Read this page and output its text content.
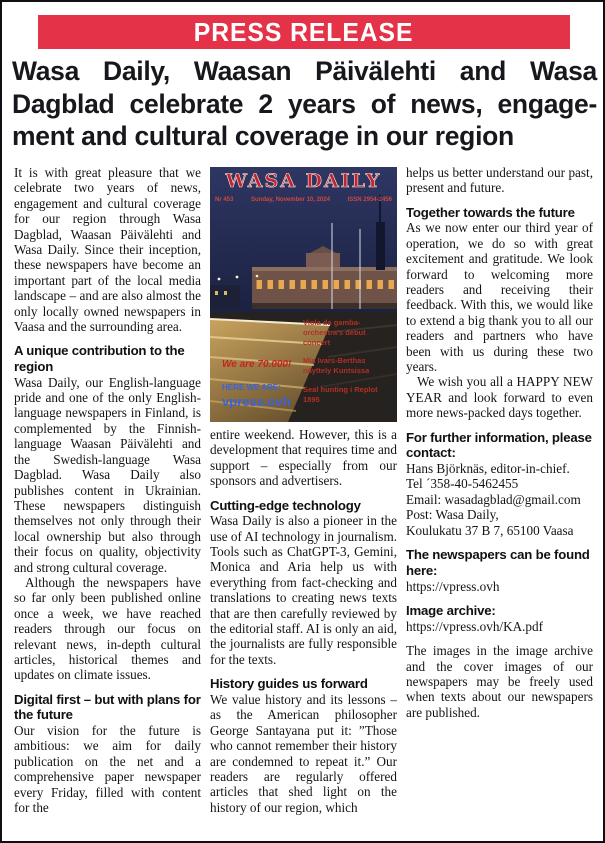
PRESS RELEASE
Wasa Daily, Waasan Päivälehti and Wasa
Dagblad celebrate 2 years of news, engage-
ment and cultural coverage in our region

It is with great pleasure that we celebrate two years of news, engagement and cultural coverage for our region through Wasa Dagblad, Waasan Päivälehti and Wasa Daily. Since their inception, these newspapers have become an important part of the local media landscape – and are also almost the only locally owned newspapers in Vaasa and the surrounding area.

A unique contribution to the region

Wasa Daily, our English-language pride and one of the only English-language newspapers in Finland, is complemented by the Finnish-language Waasan Päivälehti and the Swedish-language Wasa Dagblad. Wasa Daily also publishes content in Ukrainian. These newspapers distinguish themselves not only through their local ownership but also through their focus on quality, objectivity and strong cultural coverage.

Although the newspapers have so far only been published online once a week, we have reached readers through our focus on relevant news, in-depth cultural articles, historical themes and updates on climate issues.

Digital first – but with plans for the future

Our vision for the future is ambitious: we aim for daily publication on the net and a comprehensive paper newspaper every Friday, filled with content for the

WASA DAILY
Nr 453	Sunday, November 10, 2024	ISSN 2954-2456
Viola da gamba-orchestra's debut concert
Mia Ivars-Berthas näyttely Kuntsissa
Seal hunting i Replot 1895
We are 70.000!
HERE WE ARE:
vpress.ovh

entire weekend. However, this is a development that requires time and support – especially from our sponsors and advertisers.

Cutting-edge technology

Wasa Daily is also a pioneer in the use of AI technology in journalism. Tools such as ChatGPT-3, Gemini, Monica and Aria help us with everything from fact-checking and translations to creating news texts that are then carefully reviewed by the editorial staff. AI is only an aid, the journalists are fully responsible for the texts.

History guides us forward

We value history and its lessons – as the American philosopher George Santayana put it: ”Those who cannot remember their history are condemned to repeat it.” Our readers are regularly offered articles that shed light on the history of our region, which

helps us better understand our past, present and future.

Together towards the future

As we now enter our third year of operation, we do so with great excitement and gratitude. We look forward to welcoming more readers and receiving their feedback. With this, we would like to extend a big thank you to all our readers and partners who have been with us during these two years.

We wish you all a HAPPY NEW YEAR and look forward to even more news-packed days together.

For further information, please contact:

Hans Björknäs, editor-in-chief.

Tel ´358-40-5462455

Email: wasadagblad@gmail.com

Post: Wasa Daily,

Koulukatu 37 B 7, 65100 Vaasa

The newspapers can be found here:

https://vpress.ovh

Image archive:

https://vpress.ovh/KA.pdf

The images in the image archive and the cover images of our newspapers may be freely used when texts about our newspapers are published.
